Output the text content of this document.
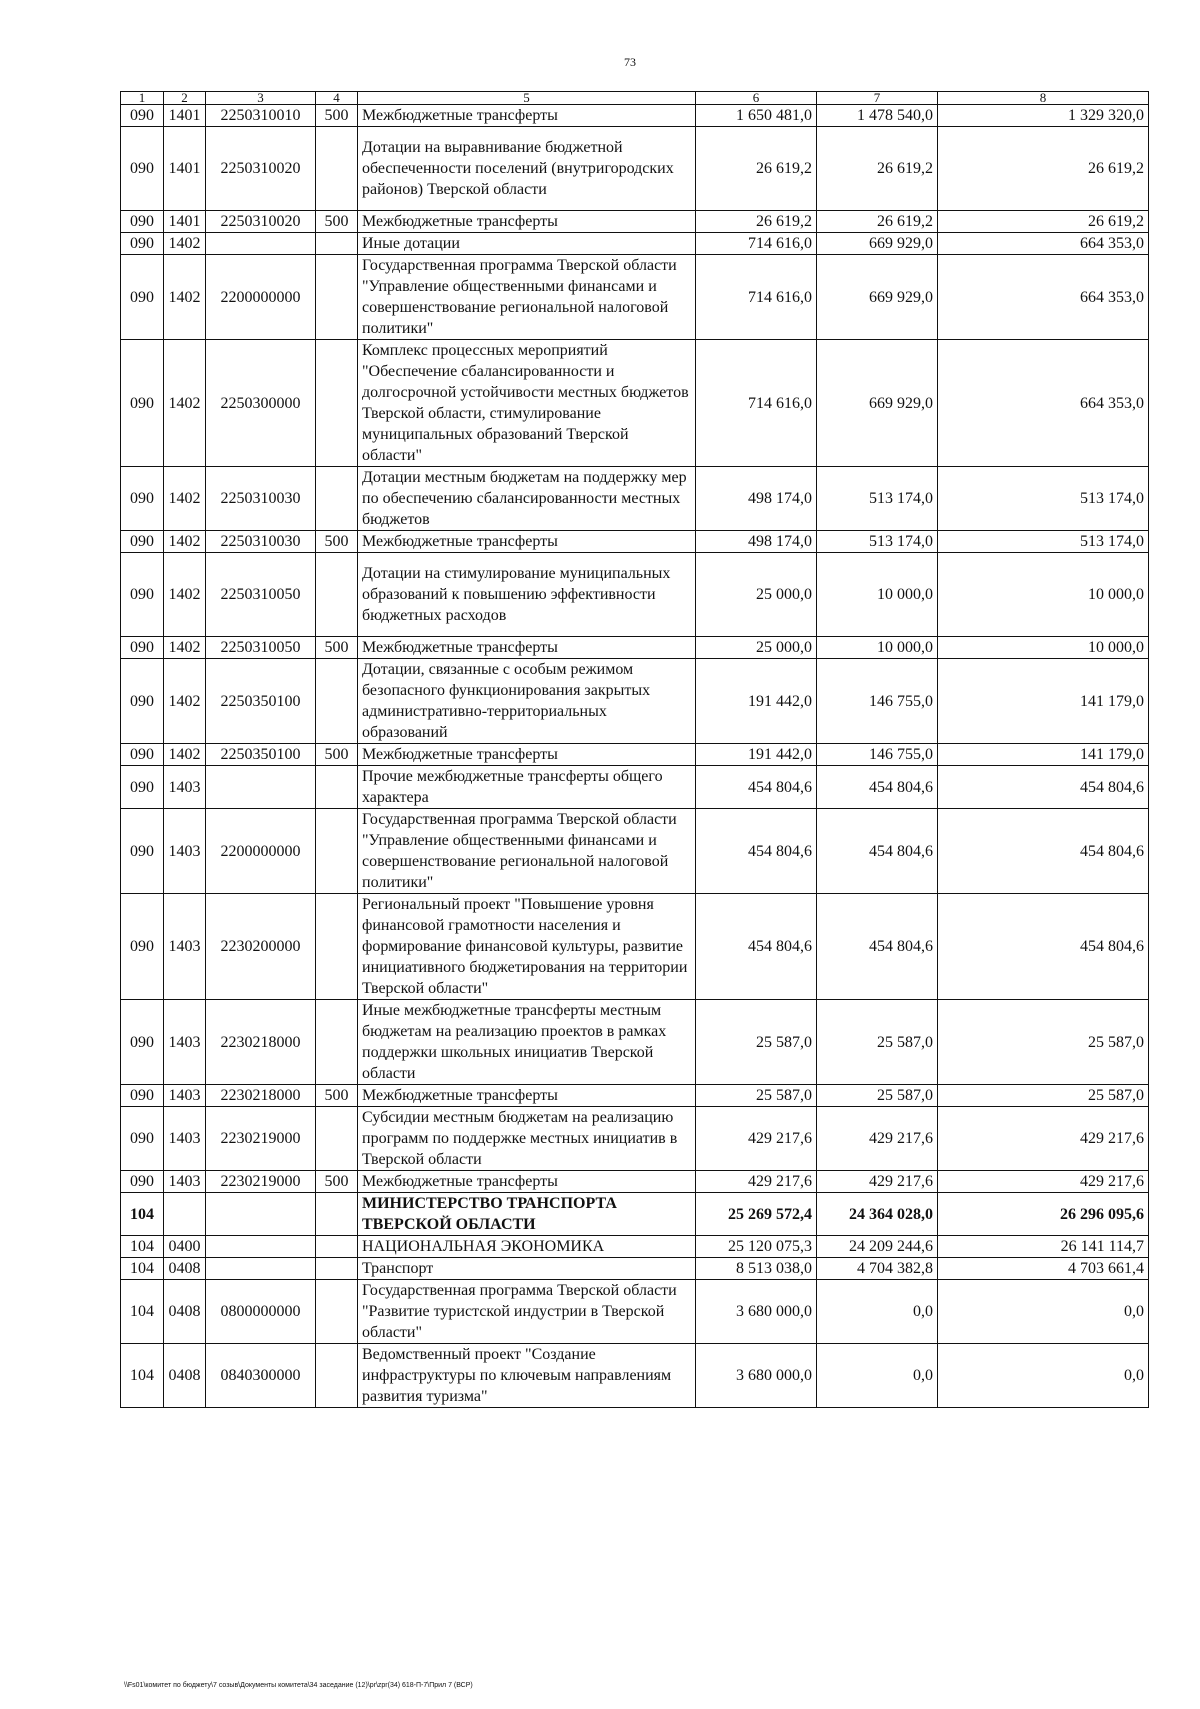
73
1	2	3	4	5	6	7	8
090	1401	2250310010	500	Межбюджетные трансферты	1 650 481,0	1 478 540,0	1 329 320,0
090	1401	2250310020		Дотации на выравнивание бюджетной обеспеченности поселений (внутригородских районов) Тверской области	26 619,2	26 619,2	26 619,2
090	1401	2250310020	500	Межбюджетные трансферты	26 619,2	26 619,2	26 619,2
090	1402			Иные дотации	714 616,0	669 929,0	664 353,0
090	1402	2200000000		Государственная программа Тверской области "Управление общественными финансами и совершенствование региональной налоговой политики"	714 616,0	669 929,0	664 353,0
090	1402	2250300000		Комплекс процессных мероприятий "Обеспечение сбалансированности и долгосрочной устойчивости местных бюджетов Тверской области, стимулирование муниципальных образований Тверской области"	714 616,0	669 929,0	664 353,0
090	1402	2250310030		Дотации местным бюджетам на поддержку мер по обеспечению сбалансированности местных бюджетов	498 174,0	513 174,0	513 174,0
090	1402	2250310030	500	Межбюджетные трансферты	498 174,0	513 174,0	513 174,0
090	1402	2250310050		Дотации на стимулирование муниципальных образований к повышению эффективности бюджетных расходов	25 000,0	10 000,0	10 000,0
090	1402	2250310050	500	Межбюджетные трансферты	25 000,0	10 000,0	10 000,0
090	1402	2250350100		Дотации, связанные с особым режимом безопасного функционирования закрытых административно-территориальных образований	191 442,0	146 755,0	141 179,0
090	1402	2250350100	500	Межбюджетные трансферты	191 442,0	146 755,0	141 179,0
090	1403			Прочие межбюджетные трансферты общего характера	454 804,6	454 804,6	454 804,6
090	1403	2200000000		Государственная программа Тверской области "Управление общественными финансами и совершенствование региональной налоговой политики"	454 804,6	454 804,6	454 804,6
090	1403	2230200000		Региональный проект "Повышение уровня финансовой грамотности населения и формирование финансовой культуры, развитие инициативного бюджетирования на территории Тверской области"	454 804,6	454 804,6	454 804,6
090	1403	2230218000		Иные межбюджетные трансферты местным бюджетам на реализацию проектов в рамках поддержки школьных инициатив Тверской области	25 587,0	25 587,0	25 587,0
090	1403	2230218000	500	Межбюджетные трансферты	25 587,0	25 587,0	25 587,0
090	1403	2230219000		Субсидии местным бюджетам на реализацию программ по поддержке местных инициатив в Тверской области	429 217,6	429 217,6	429 217,6
090	1403	2230219000	500	Межбюджетные трансферты	429 217,6	429 217,6	429 217,6
104				МИНИСТЕРСТВО ТРАНСПОРТА ТВЕРСКОЙ ОБЛАСТИ	25 269 572,4	24 364 028,0	26 296 095,6
104	0400			НАЦИОНАЛЬНАЯ ЭКОНОМИКА	25 120 075,3	24 209 244,6	26 141 114,7
104	0408			Транспорт	8 513 038,0	4 704 382,8	4 703 661,4
104	0408	0800000000		Государственная программа Тверской области "Развитие туристской индустрии в Тверской области"	3 680 000,0	0,0	0,0
104	0408	0840300000		Ведомственный проект "Создание инфраструктуры по ключевым направлениям развития туризма"	3 680 000,0	0,0	0,0
\\Fs01\комитет по бюджету\7 созыв\Документы комитета\34 заседание (12)\pr\zpr(34) 618-П-7\Прил 7 (ВСР)
